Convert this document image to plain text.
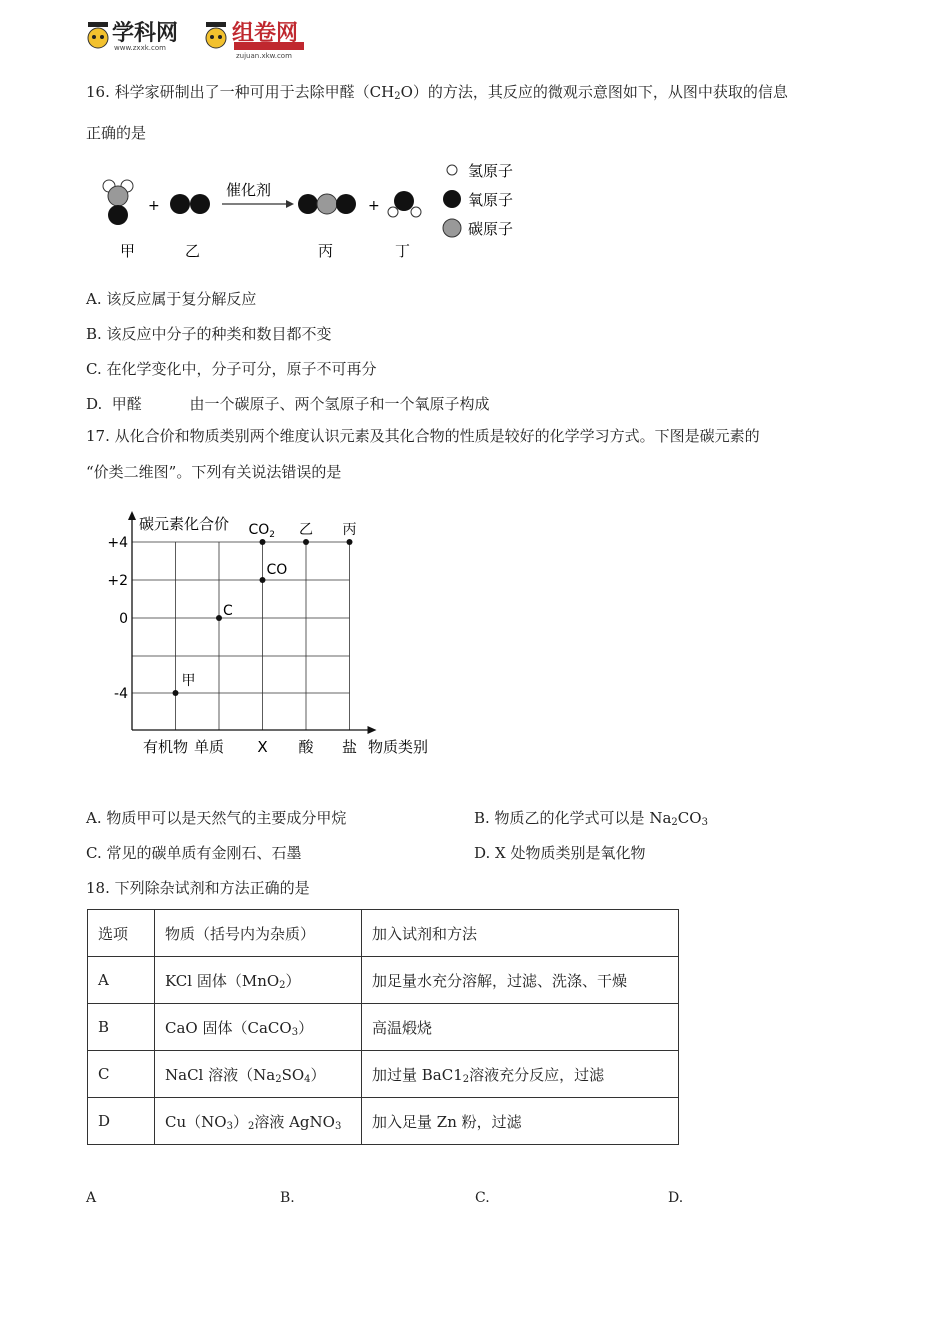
学科网
www.zxxk.com
组卷网
zujuan.xkw.com
16. 科学家研制出了一种可用于去除甲醛$(CH_2O)$的方法，其反应的微观示意图如下，从图中获取的信息
正确的是
+
催化剂
+
甲	乙	丙	丁
氢原子
氧原子
碳原子
A. 该反应属于复分解反应
B. 该反应中分子的种类和数目都不变
C. 在化学变化中，分子可分，原子不可再分
D.  甲醛          由一个碳原子、两个氢原子和一个氧原子构成
17. 从化合价和物质类别两个维度认识元素及其化合物的性质是较好的化学学习方式。下图是碳元素的
“价类二维图”。下列有关说法错误的是
+4
+2
0
-4
有机物 单质 X 酸 盐
甲
C
CO
$CO_2$ 乙 丙
碳元素化合价
物质类别
A. 物质甲可以是天然气的主要成分甲烷	B. 物质乙的化学式可以是 $Na_2CO_3$
C. 常见的碳单质有金刚石、石墨	D. X 处物质类别是氧化物
18. 下列除杂试剂和方法正确的是
选项	物质（括号内为杂质）	加入试剂和方法
A	KCl 固体（MnO$_2$）	加足量水充分溶解，过滤、洗涤、干燥
B	CaO 固体（CaCO$_3$）	高温煅烧
C	NaCl 溶液$(Na_2SO_4)$	加过量 $BaC1_2$溶液充分反应，过滤
D	$Cu(NO_3)_2$溶液 AgNO$_3$	加入足量 Zn 粉，过滤
A	B.	C.	D.
